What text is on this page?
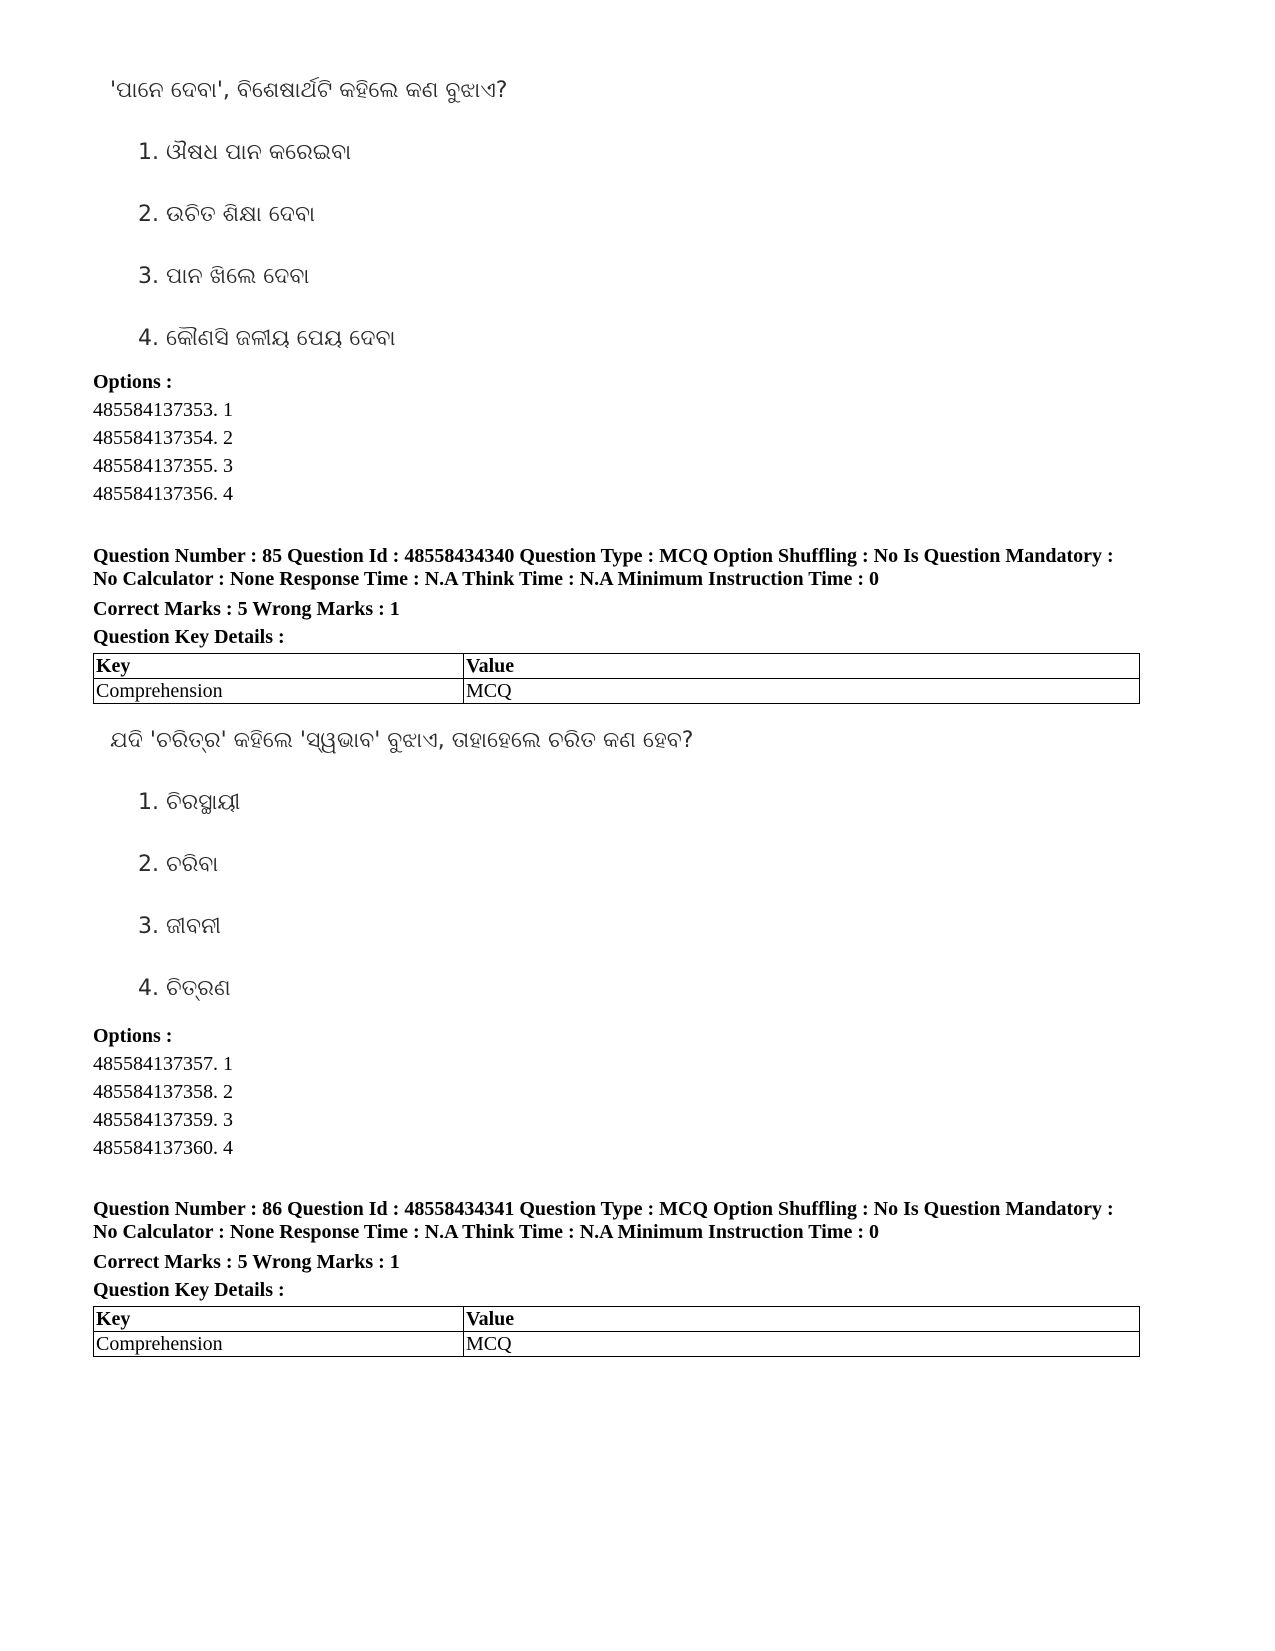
'ପାନେ ଦେବା', ବିଶେଷାର୍ଥଟି କହିଲେ କଣ ବୁଝାଏ?
1. ଔଷଧ ପାନ କରେଇବା
2. ଉଚିତ ଶିକ୍ଷା ଦେବା
3. ପାନ ଖିଲେ ଦେବା
4. କୌଣସି ଜଳୀୟ ପେୟ ଦେବା
Options :
485584137353. 1
485584137354. 2
485584137355. 3
485584137356. 4
Question Number : 85 Question Id : 48558434340 Question Type : MCQ Option Shuffling : No Is Question Mandatory :
No Calculator : None Response Time : N.A Think Time : N.A Minimum Instruction Time : 0
Correct Marks : 5 Wrong Marks : 1
Question Key Details :
Key	Value
Comprehension	MCQ
ଯଦି 'ଚରିତ୍ର' କହିଲେ 'ସ୍ୱଭାବ' ବୁଝାଏ, ତାହାହେଲେ ଚରିତ କଣ ହେବ?
1. ଚିରସ୍ଥାୟୀ
2. ଚରିବା
3. ଜୀବନୀ
4. ଚିତ୍ରଣ
Options :
485584137357. 1
485584137358. 2
485584137359. 3
485584137360. 4
Question Number : 86 Question Id : 48558434341 Question Type : MCQ Option Shuffling : No Is Question Mandatory :
No Calculator : None Response Time : N.A Think Time : N.A Minimum Instruction Time : 0
Correct Marks : 5 Wrong Marks : 1
Question Key Details :
Key	Value
Comprehension	MCQ
